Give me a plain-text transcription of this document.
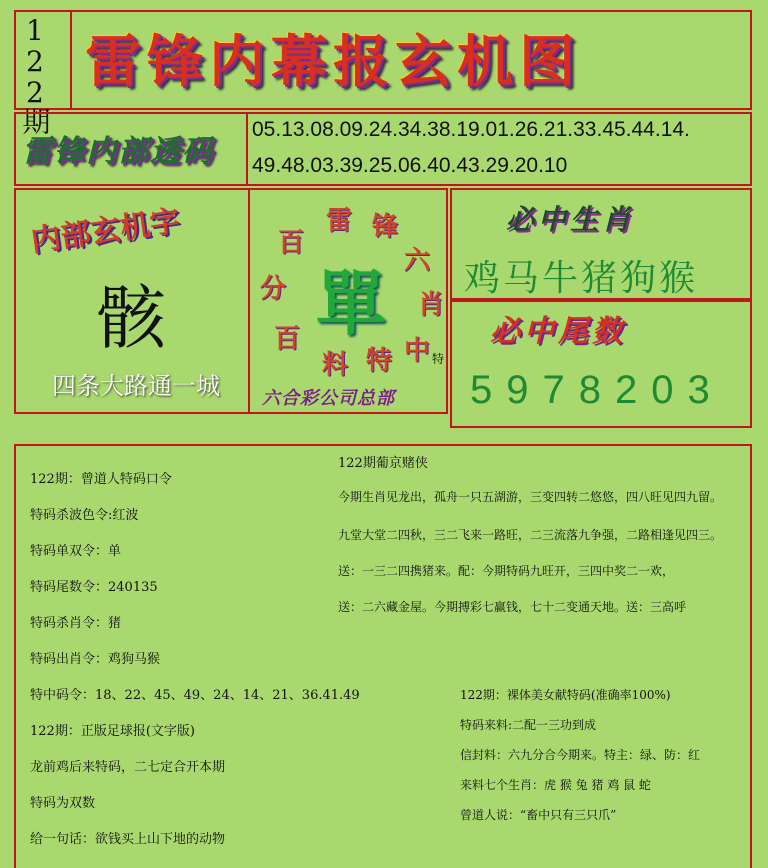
122期 雷锋内幕报玄机图
雷锋内部透码
05.13.08.09.24.34.38.19.01.26.21.33.45.44.14.
49.48.03.39.25.06.40.43.29.20.10
内部玄机字
骸
四条大路通一城
雷 锋
六
肖
中
特
料
百
分
百
單
六合彩公司总部
必中生肖
鸡马牛猪狗猴
必中尾数
5978203
特
122期：曾道人特码口令
特码杀波色令:红波
特码单双令：单
特码尾数令：240135
特码杀肖令：猪
特码出肖令：鸡狗马猴
特中码令：18、22、45、49、24、14、21、36.41.49
122期：正版足球报(文字版)
龙前鸡后来特码，二七定合开本期
特码为双数
给一句话：欲钱买上山下地的动物
122期葡京赌侠
今期生肖见龙出，孤舟一只五湖游，三变四转二悠悠，四八旺见四九留。
九堂大堂二四秋，三二飞来一路旺，二三流落九争强，二路相逢见四三。
送：一三二四携猪来。配：今期特码九旺开，三四中奖二一欢，
送：二六藏金屋。今期搏彩七赢钱，七十二变通天地。送：三高呼
122期：裸体美女献特码(准确率100%)
特码来料:二配一三功到成
信封料：六九分合今期来。特主：绿、防：红
来料七个生肖：虎 猴 兔 猪 鸡 鼠 蛇
曾道人说：“畜中只有三只爪”
